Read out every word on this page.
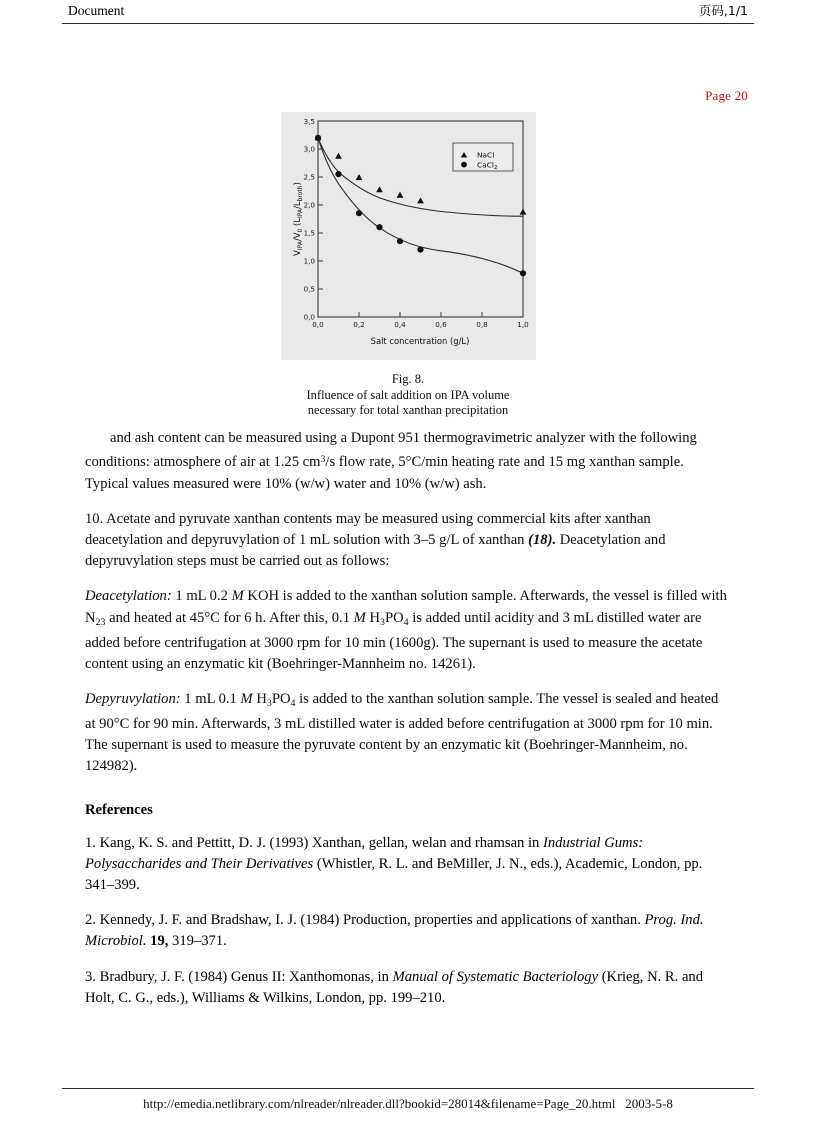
Document	页码,1/1
Page 20
0,0
0,5
1,0
1,5
2,0
2,5
3,0
3,5
0,0	0,2	0,4	0,6	0,8	1,0
Salt concentration (g/L)
$V_{IPA}/V_0$ $(L_{IPA}/L_{broth})$
NaCl
CaCl$_2$
Fig. 8.
Influence of salt addition on IPA volume
necessary for total xanthan precipitation

and ash content can be measured using a Dupont 951 thermogravimetric analyzer with the following conditions: atmosphere of air at 1.25 $cm^3/s$ flow rate, 5°C/min heating rate and 15 mg xanthan sample. Typical values measured were 10% (w/w) water and 10% (w/w) ash.

10. Acetate and pyruvate xanthan contents may be measured using commercial kits after xanthan deacetylation and depyruvylation of 1 mL solution with 3–5 g/L of xanthan (18). Deacetylation and depyruvylation steps must be carried out as follows:

Deacetylation: 1 mL 0.2 M KOH is added to the xanthan solution sample. Afterwards, the vessel is filled with $N_{23}$ and heated at 45°C for 6 h. After this, 0.1 M $H_3PO_4$ is added until acidity and 3 mL distilled water are added before centrifugation at 3000 rpm for 10 min (1600g). The supernant is used to measure the acetate content using an enzymatic kit (Boehringer-Mannheim no. 14261).

Depyruvylation: 1 mL 0.1 M $H_3PO_4$ is added to the xanthan solution sample. The vessel is sealed and heated at 90°C for 90 min. Afterwards, 3 mL distilled water is added before centrifugation at 3000 rpm for 10 min. The supernant is used to measure the pyruvate content by an enzymatic kit (Boehringer-Mannheim, no. 124982).

References

1. Kang, K. S. and Pettitt, D. J. (1993) Xanthan, gellan, welan and rhamsan in Industrial Gums: Polysaccharides and Their Derivatives (Whistler, R. L. and BeMiller, J. N., eds.), Academic, London, pp. 341–399.

2. Kennedy, J. F. and Bradshaw, I. J. (1984) Production, properties and applications of xanthan. Prog. Ind. Microbiol. 19, 319–371.

3. Bradbury, J. F. (1984) Genus II: Xanthomonas, in Manual of Systematic Bacteriology (Krieg, N. R. and Holt, C. G., eds.), Williams & Wilkins, London, pp. 199–210.

http://emedia.netlibrary.com/nlreader/nlreader.dll?bookid=28014&filename=Page_20.html 2003-5-8
